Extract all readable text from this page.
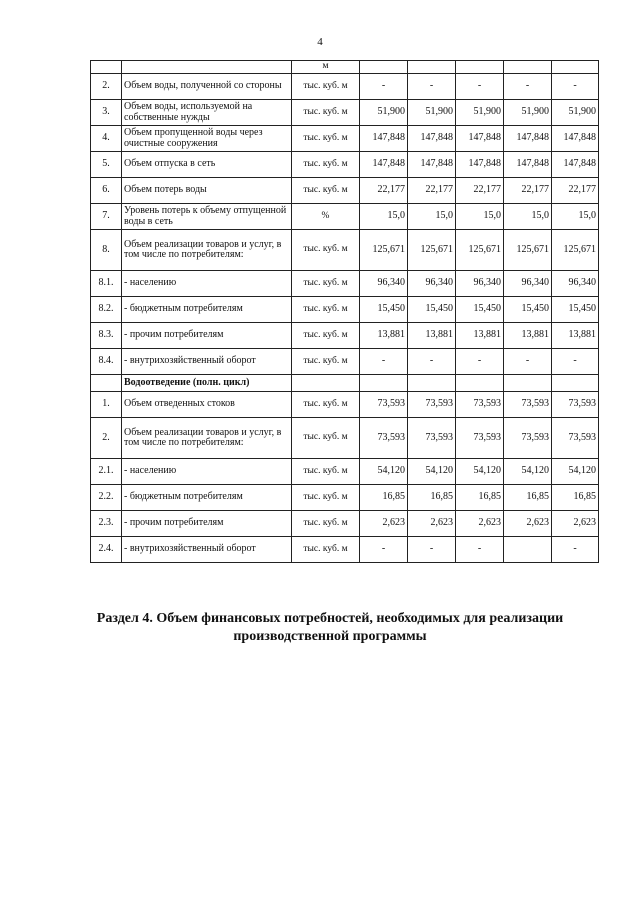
4
		м					
2.	Объем воды, полученной со стороны	тыс. куб. м	-	-	-	-	-
3.	Объем воды, используемой на собственные нужды	тыс. куб. м	51,900	51,900	51,900	51,900	51,900
4.	Объем пропущенной воды через очистные сооружения	тыс. куб. м	147,848	147,848	147,848	147,848	147,848
5.	Объем отпуска в сеть	тыс. куб. м	147,848	147,848	147,848	147,848	147,848
6.	Объем потерь воды	тыс. куб. м	22,177	22,177	22,177	22,177	22,177
7.	Уровень потерь к объему отпущенной воды в сеть	%	15,0	15,0	15,0	15,0	15,0
8.	Объем реализации товаров и услуг, в том числе по потребителям:	тыс. куб. м	125,671	125,671	125,671	125,671	125,671
8.1.	- населению	тыс. куб. м	96,340	96,340	96,340	96,340	96,340
8.2.	- бюджетным потребителям	тыс. куб. м	15,450	15,450	15,450	15,450	15,450
8.3.	- прочим потребителям	тыс. куб. м	13,881	13,881	13,881	13,881	13,881
8.4.	- внутрихозяйственный оборот	тыс. куб. м	-	-	-	-	-
	Водоотведение (полн. цикл)						
1.	Объем отведенных стоков	тыс. куб. м	73,593	73,593	73,593	73,593	73,593
2.	Объем реализации товаров и услуг, в том числе по потребителям:	тыс. куб. м	73,593	73,593	73,593	73,593	73,593
2.1.	- населению	тыс. куб. м	54,120	54,120	54,120	54,120	54,120
2.2.	- бюджетным потребителям	тыс. куб. м	16,85	16,85	16,85	16,85	16,85
2.3.	- прочим потребителям	тыс. куб. м	2,623	2,623	2,623	2,623	2,623
2.4.	- внутрихозяйственный оборот	тыс. куб. м	-	-	-		-
Раздел 4. Объем финансовых потребностей, необходимых для реализации производственной программы
